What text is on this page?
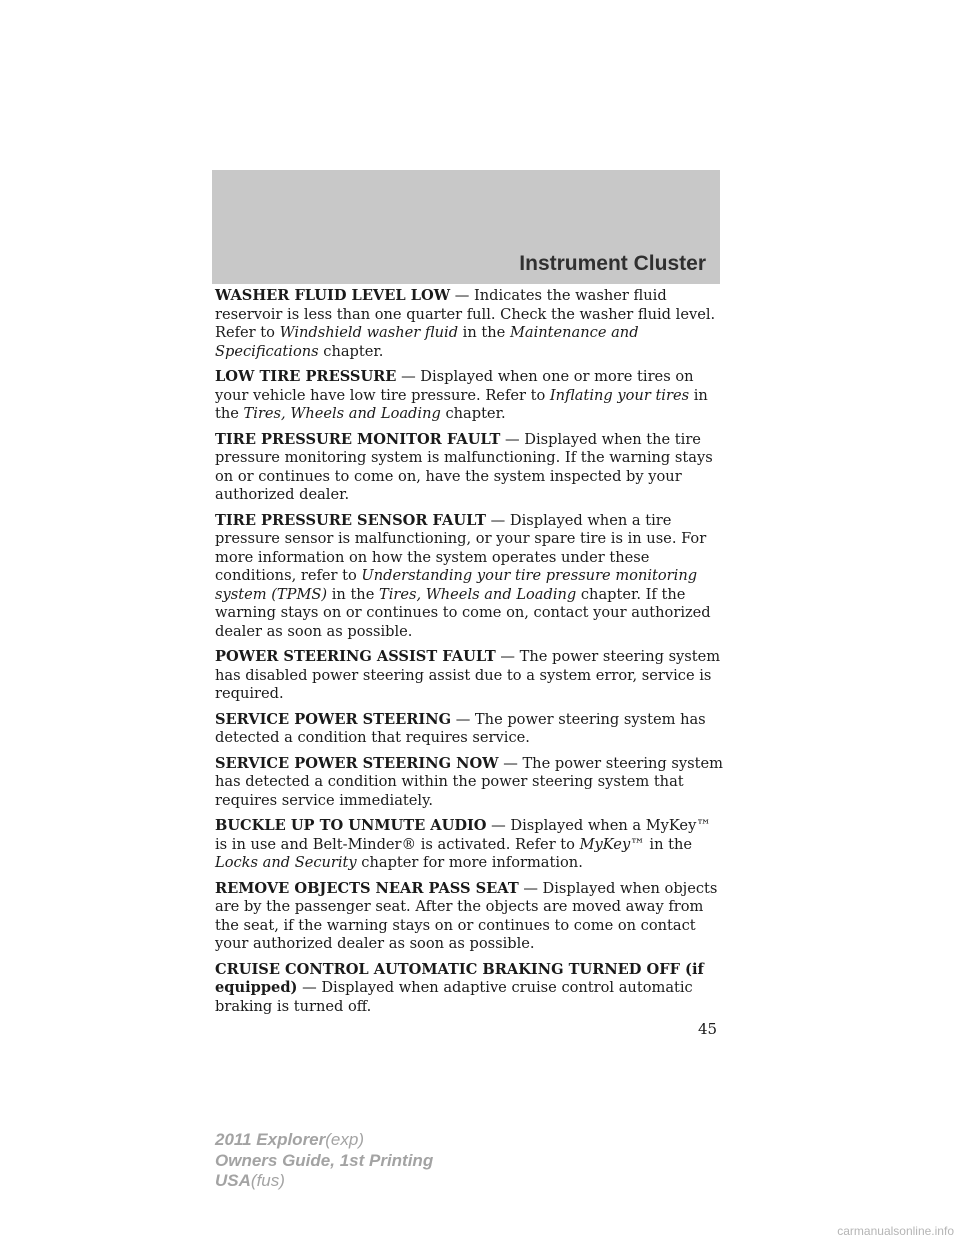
Instrument Cluster

WASHER FLUID LEVEL LOW — Indicates the washer fluid reservoir is less than one quarter full. Check the washer fluid level. Refer to Windshield washer fluid in the Maintenance and Specifications chapter.

LOW TIRE PRESSURE — Displayed when one or more tires on your vehicle have low tire pressure. Refer to Inflating your tires in the Tires, Wheels and Loading chapter.

TIRE PRESSURE MONITOR FAULT — Displayed when the tire pressure monitoring system is malfunctioning. If the warning stays on or continues to come on, have the system inspected by your authorized dealer.

TIRE PRESSURE SENSOR FAULT — Displayed when a tire pressure sensor is malfunctioning, or your spare tire is in use. For more information on how the system operates under these conditions, refer to Understanding your tire pressure monitoring system (TPMS) in the Tires, Wheels and Loading chapter. If the warning stays on or continues to come on, contact your authorized dealer as soon as possible.

POWER STEERING ASSIST FAULT — The power steering system has disabled power steering assist due to a system error, service is required.

SERVICE POWER STEERING — The power steering system has detected a condition that requires service.

SERVICE POWER STEERING NOW — The power steering system has detected a condition within the power steering system that requires service immediately.

BUCKLE UP TO UNMUTE AUDIO — Displayed when a MyKey™ is in use and Belt-Minder® is activated. Refer to MyKey™ in the Locks and Security chapter for more information.

REMOVE OBJECTS NEAR PASS SEAT — Displayed when objects are by the passenger seat. After the objects are moved away from the seat, if the warning stays on or continues to come on contact your authorized dealer as soon as possible.

CRUISE CONTROL AUTOMATIC BRAKING TURNED OFF (if equipped) — Displayed when adaptive cruise control automatic braking is turned off.

45
2011 Explorer(exp)
Owners Guide, 1st Printing
USA(fus)
carmanualsonline.info
